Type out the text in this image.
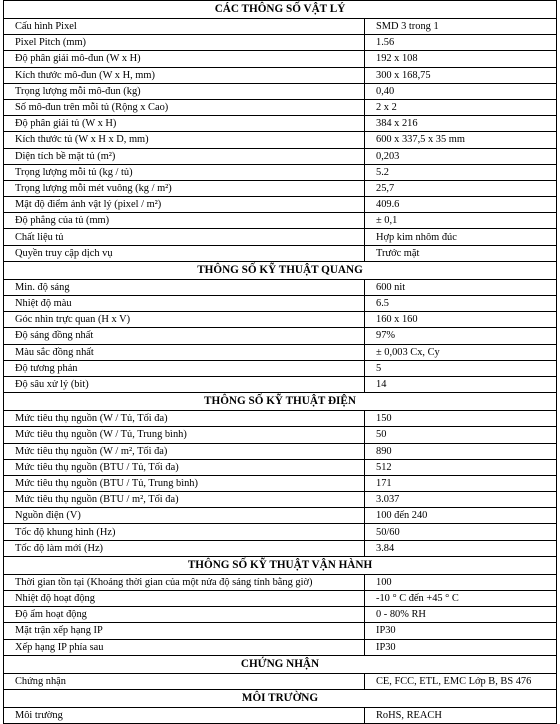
CÁC THÔNG SỐ VẬT LÝ	
Cấu hình Pixel	SMD 3 trong 1
Pixel Pitch (mm)	1.56
Độ phân giải mô-đun (W x H)	192 x 108
Kích thước mô-đun (W x H, mm)	300 x 168,75
Trọng lượng mỗi mô-đun (kg)	0,40
Số mô-đun trên mỗi tủ (Rộng x Cao)	2 x 2
Độ phân giải tủ (W x H)	384 x 216
Kích thước tủ (W x H x D, mm)	600 x 337,5 x 35 mm
Diện tích bề mặt tủ (m²)	0,203
Trọng lượng mỗi tủ (kg / tủ)	5.2
Trọng lượng mỗi mét vuông (kg / m²)	25,7
Mật độ điểm ảnh vật lý (pixel / m²)	409.6
Độ phẳng của tủ (mm)	± 0,1
Chất liệu tủ	Hợp kim nhôm đúc
Quyền truy cập dịch vụ	Trước mặt
THÔNG SỐ KỸ THUẬT QUANG	
Min. độ sáng	600 nit
Nhiệt độ màu	6.5
Góc nhìn trực quan (H x V)	160 x 160
Độ sáng đồng nhất	97%
Màu sắc đồng nhất	± 0,003 Cx, Cy
Độ tương phản	5
Độ sâu xử lý (bit)	14
THÔNG SỐ KỸ THUẬT ĐIỆN	
Mức tiêu thụ nguồn (W / Tủ, Tối đa)	150
Mức tiêu thụ nguồn (W / Tủ, Trung bình)	50
Mức tiêu thụ nguồn (W / m², Tối đa)	890
Mức tiêu thụ nguồn (BTU / Tủ, Tối đa)	512
Mức tiêu thụ nguồn (BTU / Tủ, Trung bình)	171
Mức tiêu thụ nguồn (BTU / m², Tối đa)	3.037
Nguồn điện (V)	100 đến 240
Tốc độ khung hình (Hz)	50/60
Tốc độ làm mới (Hz)	3.84
THÔNG SỐ KỸ THUẬT VẬN HÀNH	
Thời gian tồn tại (Khoảng thời gian của một nửa độ sáng tính bằng giờ)	100
Nhiệt độ hoạt động	-10 ° C đến +45 ° C
Độ ẩm hoạt động	0 - 80% RH
Mặt trận xếp hạng IP	IP30
Xếp hạng IP phía sau	IP30
CHỨNG NHẬN	
Chứng nhận	CE, FCC, ETL, EMC Lớp B, BS 476
MÔI TRƯỜNG	
Môi trường	RoHS, REACH
